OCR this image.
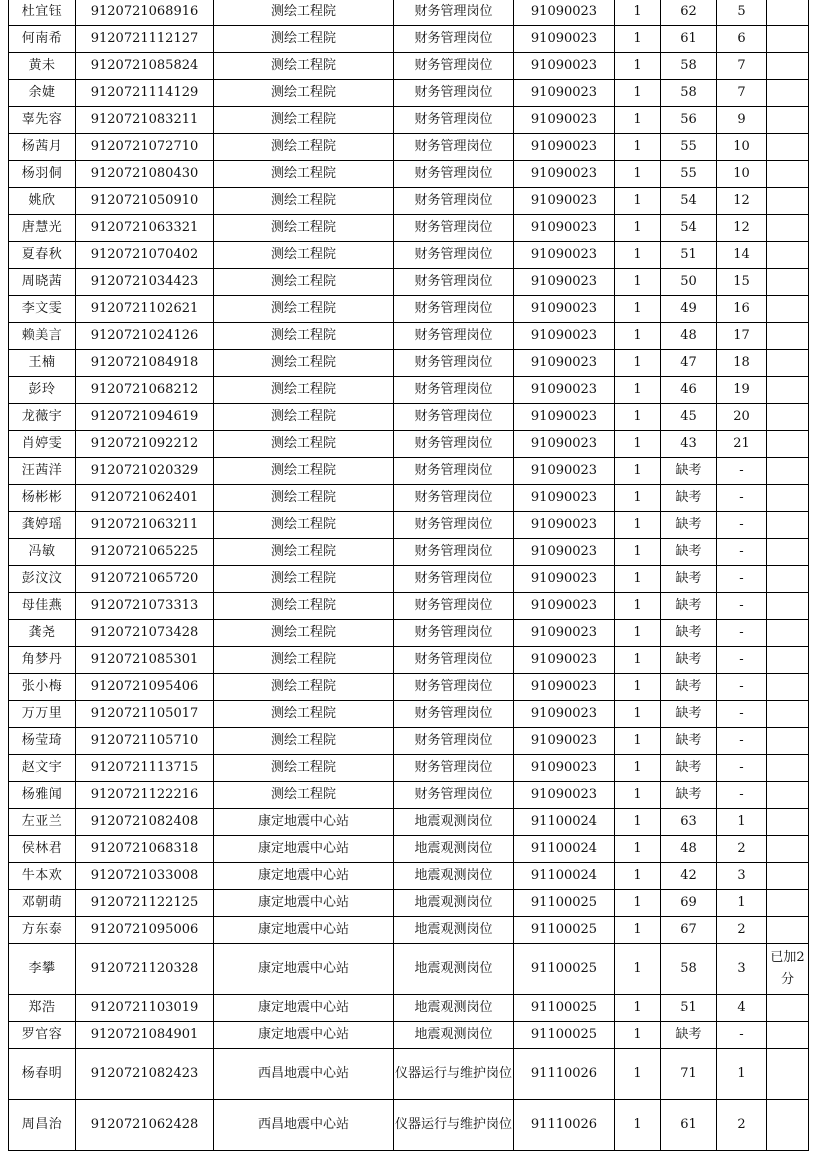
杜宜钰	9120721068916	测绘工程院	财务管理岗位	91090023	1	62	5	
何南希	9120721112127	测绘工程院	财务管理岗位	91090023	1	61	6	
黄未	9120721085824	测绘工程院	财务管理岗位	91090023	1	58	7	
余婕	9120721114129	测绘工程院	财务管理岗位	91090023	1	58	7	
辜先容	9120721083211	测绘工程院	财务管理岗位	91090023	1	56	9	
杨茜月	9120721072710	测绘工程院	财务管理岗位	91090023	1	55	10	
杨羽侗	9120721080430	测绘工程院	财务管理岗位	91090023	1	55	10	
姚欣	9120721050910	测绘工程院	财务管理岗位	91090023	1	54	12	
唐慧光	9120721063321	测绘工程院	财务管理岗位	91090023	1	54	12	
夏春秋	9120721070402	测绘工程院	财务管理岗位	91090023	1	51	14	
周晓茜	9120721034423	测绘工程院	财务管理岗位	91090023	1	50	15	
李文雯	9120721102621	测绘工程院	财务管理岗位	91090023	1	49	16	
赖美言	9120721024126	测绘工程院	财务管理岗位	91090023	1	48	17	
王楠	9120721084918	测绘工程院	财务管理岗位	91090023	1	47	18	
彭玲	9120721068212	测绘工程院	财务管理岗位	91090023	1	46	19	
龙薇宇	9120721094619	测绘工程院	财务管理岗位	91090023	1	45	20	
肖婷雯	9120721092212	测绘工程院	财务管理岗位	91090023	1	43	21	
汪茜洋	9120721020329	测绘工程院	财务管理岗位	91090023	1	缺考	-	
杨彬彬	9120721062401	测绘工程院	财务管理岗位	91090023	1	缺考	-	
龚婷瑶	9120721063211	测绘工程院	财务管理岗位	91090023	1	缺考	-	
冯敏	9120721065225	测绘工程院	财务管理岗位	91090023	1	缺考	-	
彭汶汶	9120721065720	测绘工程院	财务管理岗位	91090023	1	缺考	-	
母佳燕	9120721073313	测绘工程院	财务管理岗位	91090023	1	缺考	-	
龚尧	9120721073428	测绘工程院	财务管理岗位	91090023	1	缺考	-	
角梦丹	9120721085301	测绘工程院	财务管理岗位	91090023	1	缺考	-	
张小梅	9120721095406	测绘工程院	财务管理岗位	91090023	1	缺考	-	
万万里	9120721105017	测绘工程院	财务管理岗位	91090023	1	缺考	-	
杨莹琦	9120721105710	测绘工程院	财务管理岗位	91090023	1	缺考	-	
赵文宇	9120721113715	测绘工程院	财务管理岗位	91090023	1	缺考	-	
杨雅闻	9120721122216	测绘工程院	财务管理岗位	91090023	1	缺考	-	
左亚兰	9120721082408	康定地震中心站	地震观测岗位	91100024	1	63	1	
侯林君	9120721068318	康定地震中心站	地震观测岗位	91100024	1	48	2	
牛本欢	9120721033008	康定地震中心站	地震观测岗位	91100024	1	42	3	
邓朝萌	9120721122125	康定地震中心站	地震观测岗位	91100025	1	69	1	
方东泰	9120721095006	康定地震中心站	地震观测岗位	91100025	1	67	2	
李攀	9120721120328	康定地震中心站	地震观测岗位	91100025	1	58	3	已加2分
郑浩	9120721103019	康定地震中心站	地震观测岗位	91100025	1	51	4	
罗官容	9120721084901	康定地震中心站	地震观测岗位	91100025	1	缺考	-	
杨春明	9120721082423	西昌地震中心站	仪器运行与维护岗位	91110026	1	71	1	
周昌治	9120721062428	西昌地震中心站	仪器运行与维护岗位	91110026	1	61	2	
